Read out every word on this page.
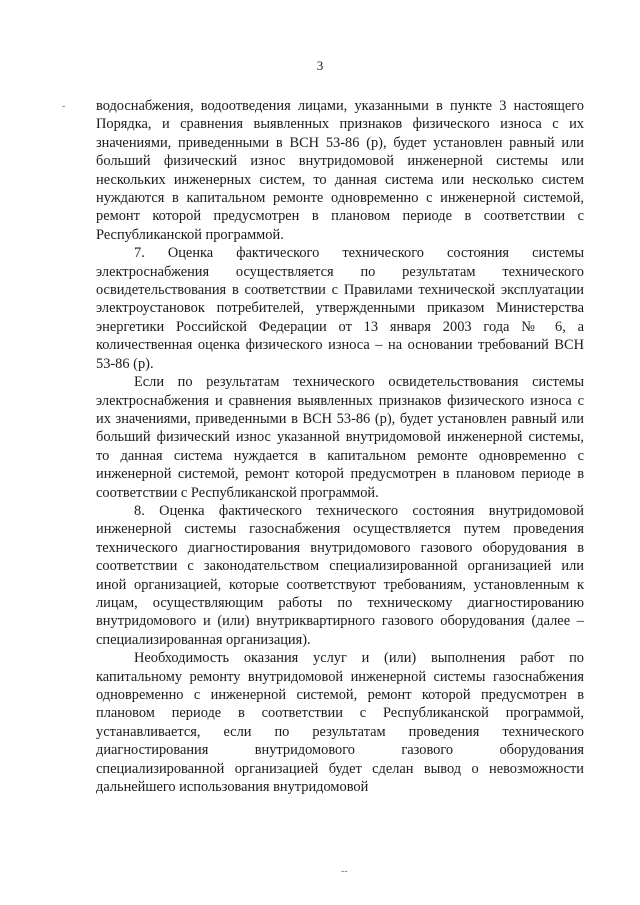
3
- водоснабжения, водоотведения лицами, указанными в пункте 3 настоящего Порядка, и сравнения выявленных признаков физического износа с их значениями, приведенными в ВСН 53-86 (р), будет установлен равный или больший физический износ внутридомовой инженерной системы или нескольких инженерных систем, то данная система или несколько систем нуждаются в капитальном ремонте одновременно с инженерной системой, ремонт которой предусмотрен в плановом периоде в соответствии с Республиканской программой.

7. Оценка фактического технического состояния системы электроснабжения осуществляется по результатам технического освидетельствования в соответствии с Правилами технической эксплуатации электроустановок потребителей, утвержденными приказом Министерства энергетики Российской Федерации от 13 января 2003 года № 6, а количественная оценка физического износа – на основании требований ВСН 53-86 (р).

Если по результатам технического освидетельствования системы электроснабжения и сравнения выявленных признаков физического износа с их значениями, приведенными в ВСН 53-86 (р), будет установлен равный или больший физический износ указанной внутридомовой инженерной системы, то данная система нуждается в капитальном ремонте одновременно с инженерной системой, ремонт которой предусмотрен в плановом периоде в соответствии с Республиканской программой.

8. Оценка фактического технического состояния внутридомовой инженерной системы газоснабжения осуществляется путем проведения технического диагностирования внутридомового газового оборудования в соответствии с законодательством специализированной организацией или иной организацией, которые соответствуют требованиям, установленным к лицам, осуществляющим работы по техническому диагностированию внутридомового и (или) внутриквартирного газового оборудования (далее – специализированная организация).

Необходимость оказания услуг и (или) выполнения работ по капитальному ремонту внутридомовой инженерной системы газоснабжения одновременно с инженерной системой, ремонт которой предусмотрен в плановом периоде в соответствии с Республиканской программой, устанавливается, если по результатам проведения технического диагностирования внутридомового газового оборудования специализированной организацией будет сделан вывод о невозможности дальнейшего использования внутридомовой

--
